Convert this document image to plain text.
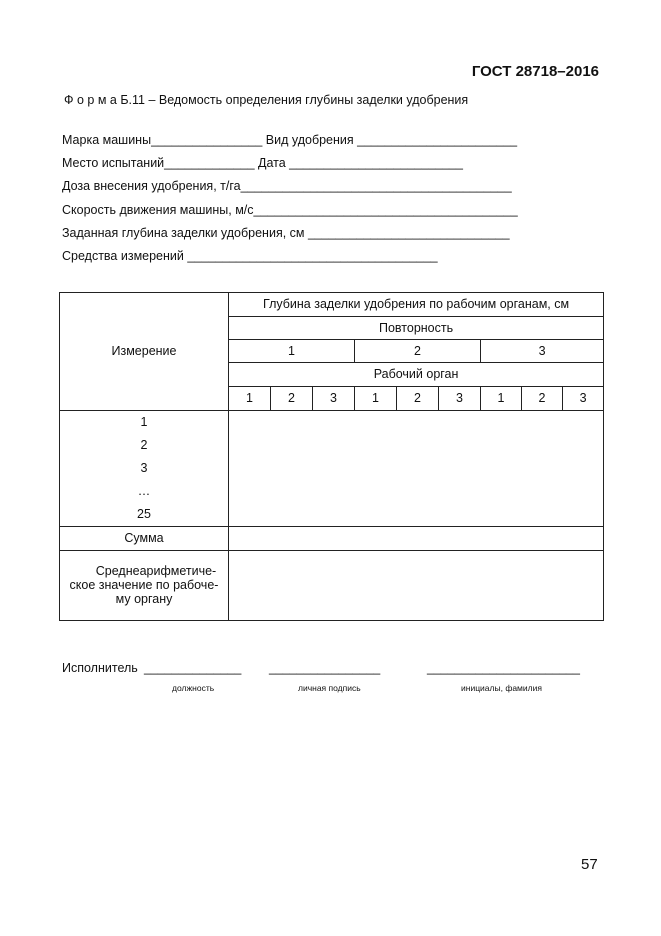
ГОСТ 28718–2016
Ф о р м а Б.11 – Ведомость определения глубины заделки удобрения
Марка машины________________ Вид удобрения _______________________
Место испытаний_____________ Дата _________________________
Доза внесения удобрения, т/га_______________________________________
Скорость движения машины, м/с______________________________________
Заданная глубина заделки удобрения, см _____________________________
Средства измерений ____________________________________
Измерение	Глубина заделки удобрения по рабочим органам, см								
	Повторность								
	1			2			3		
	Рабочий орган								
	1	2	3	1	2	3	1	2	3

1
2
3
…
25									

Сумма									

Среднеарифметиче-
ское значение по рабоче-
му органу									

Исполнитель ______________ ________________	______________________
должность	личная подпись	инициалы, фамилия
57
